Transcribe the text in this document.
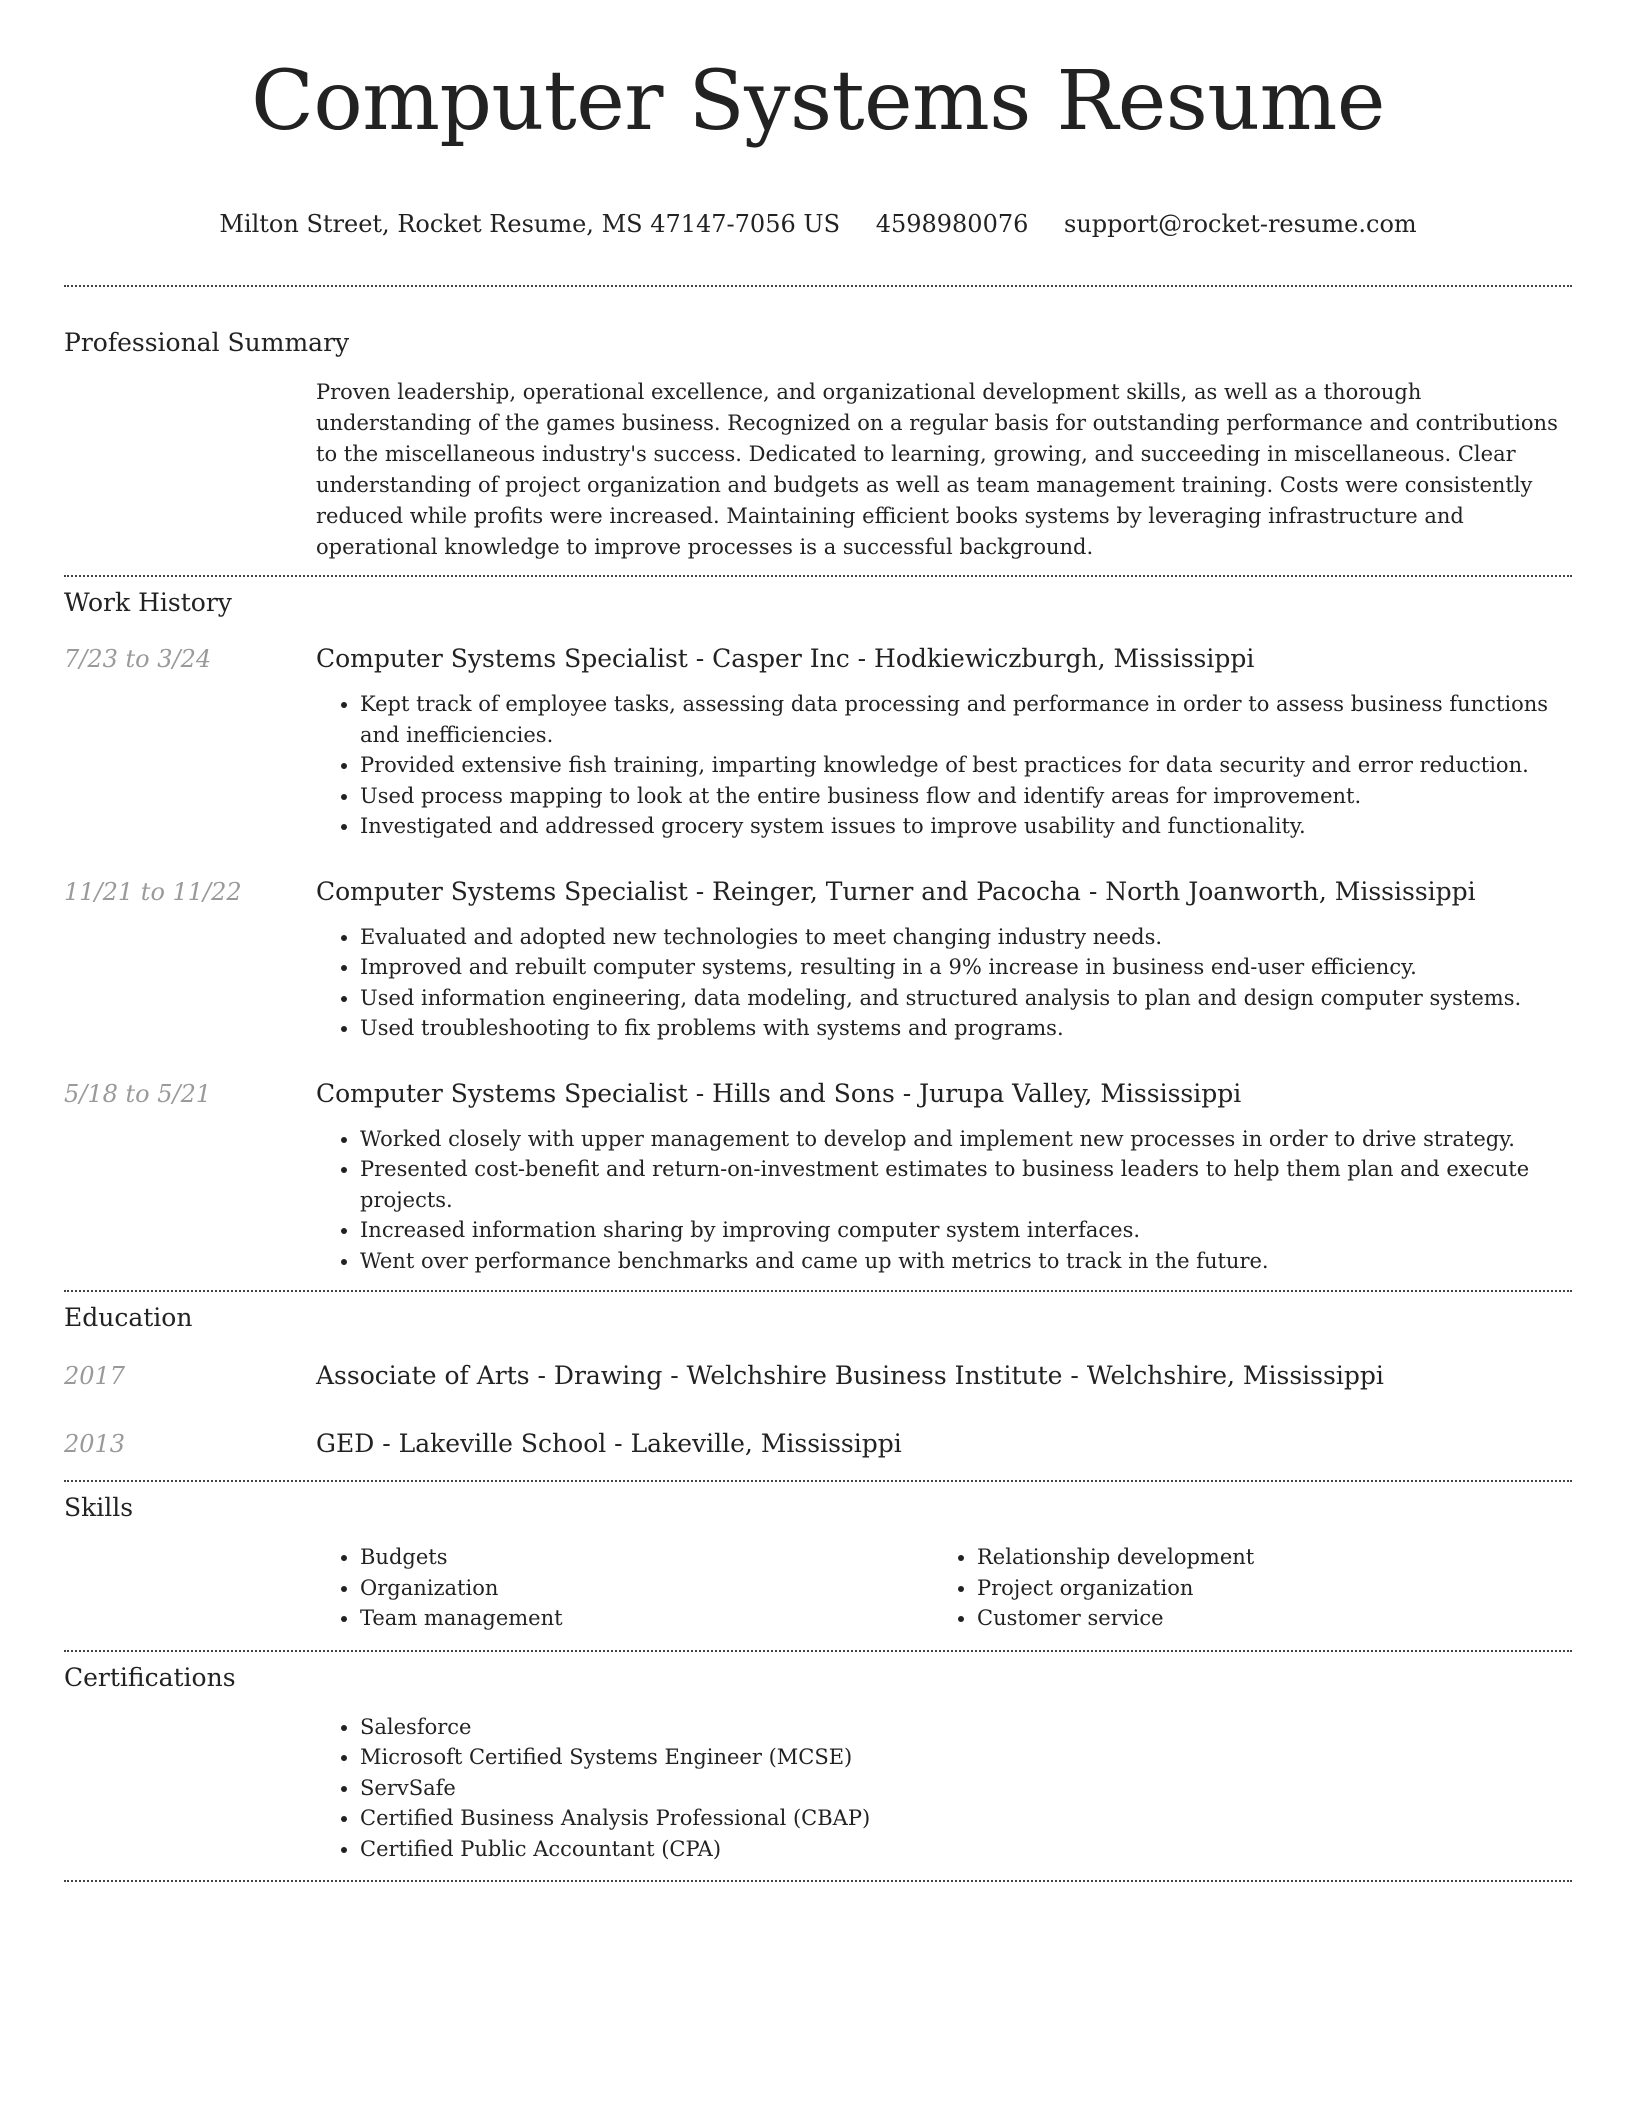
Computer Systems Resume
Milton Street, Rocket Resume, MS 47147-7056 US 4598980076 support@rocket-resume.com
Professional Summary
Proven leadership, operational excellence, and organizational development skills, as well as a thorough understanding of the games business. Recognized on a regular basis for outstanding performance and contributions to the miscellaneous industry's success. Dedicated to learning, growing, and succeeding in miscellaneous. Clear understanding of project organization and budgets as well as team management training. Costs were consistently reduced while profits were increased. Maintaining efficient books systems by leveraging infrastructure and operational knowledge to improve processes is a successful background.
Work History
7/23 to 3/24	Computer Systems Specialist - Casper Inc - Hodkiewiczburgh, Mississippi
• Kept track of employee tasks, assessing data processing and performance in order to assess business functions and inefficiencies.
• Provided extensive fish training, imparting knowledge of best practices for data security and error reduction.
• Used process mapping to look at the entire business flow and identify areas for improvement.
• Investigated and addressed grocery system issues to improve usability and functionality.
11/21 to 11/22	Computer Systems Specialist - Reinger, Turner and Pacocha - North Joanworth, Mississippi
• Evaluated and adopted new technologies to meet changing industry needs.
• Improved and rebuilt computer systems, resulting in a 9% increase in business end-user efficiency.
• Used information engineering, data modeling, and structured analysis to plan and design computer systems.
• Used troubleshooting to fix problems with systems and programs.
5/18 to 5/21	Computer Systems Specialist - Hills and Sons - Jurupa Valley, Mississippi
• Worked closely with upper management to develop and implement new processes in order to drive strategy.
• Presented cost-benefit and return-on-investment estimates to business leaders to help them plan and execute projects.
• Increased information sharing by improving computer system interfaces.
• Went over performance benchmarks and came up with metrics to track in the future.
Education
2017	Associate of Arts - Drawing - Welchshire Business Institute - Welchshire, Mississippi
2013	GED - Lakeville School - Lakeville, Mississippi
Skills
• Budgets
• Organization
• Team management
• Relationship development
• Project organization
• Customer service
Certifications
• Salesforce
• Microsoft Certified Systems Engineer (MCSE)
• ServSafe
• Certified Business Analysis Professional (CBAP)
• Certified Public Accountant (CPA)
